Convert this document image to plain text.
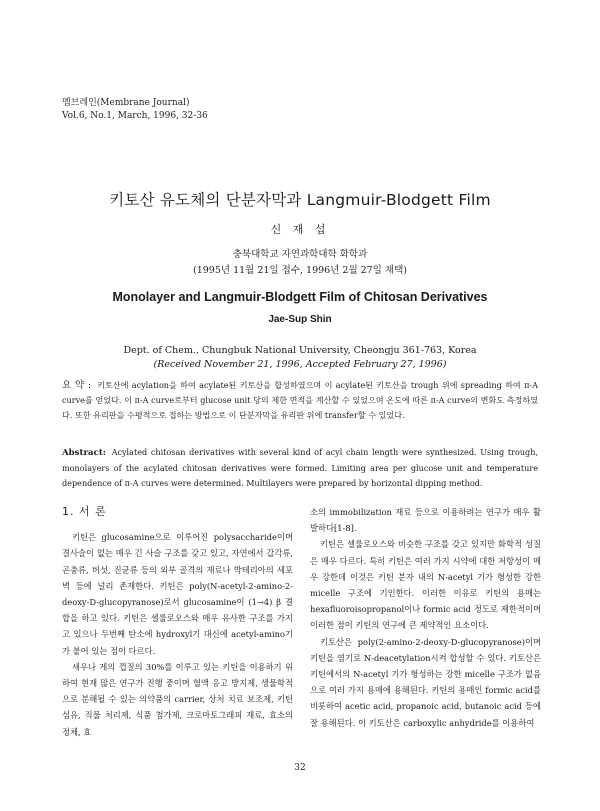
멤브레인(Membrane Journal)
Vol.6, No.1, March, 1996, 32-36
키토산 유도체의 단분자막과 Langmuir-Blodgett Film
신 재 섭
충북대학교 자연과학대학 화학과
(1995년 11월 21일 접수, 1996년 2월 27일 채택)
Monolayer and Langmuir-Blodgett Film of Chitosan Derivatives
Jae-Sup Shin
Dept. of Chem., Chungbuk National University, Cheongju 361-763, Korea
(Received November 21, 1996, Accepted February 27, 1996)
요 약 : 키토산에 acylation을 하여 acylate된 키토산을 합성하였으며 이 acylate된 키토산을 trough 위에 spreading 하여 π-A curve를 얻었다. 이 π-A curve로부터 glucose unit 당의 제한 면적을 계산할 수 있었으며 온도에 따른 π-A curve의 변화도 측정하였다. 또한 유리판을 수평적으로 접하는 방법으로 이 단분자막을 유리판 위에 transfer할 수 있었다.
Abstract: Acylated chitosan derivatives with several kind of acyl chain length were synthesized. Using trough, monolayers of the acylated chitosan derivatives were formed. Limiting area per glucose unit and temperature dependence of π-A curves were determined. Multilayers were prepared by horizontal dipping method.
1. 서 론

키틴은 glucosamine으로 이루어진 polysaccharide이며 결사슬이 없는 매우 긴 사슬 구조를 갖고 있고, 자연에서 갑각류, 곤충류, 버섯, 진균류 등의 외부 골격의 재료나 박테리아의 세포벽 등에 널리 존재한다. 키틴은 poly(N-acetyl-2-amino-2-deoxy-D-glucopyranose)로서 glucosamine이 (1→4) β 결합을 하고 있다. 키틴은 셀룰로오스와 매우 유사한 구조를 가지고 있으나 두번째 탄소에 hydroxyl기 대신에 acetyl-amino기가 붙어 있는 점이 다르다.

새우나 게의 껍질의 30%를 이루고 있는 키틴을 이용하기 위하여 현재 많은 연구가 진행 중이며 혈액 응고 방지제, 생물학적으로 분해될 수 있는 의약품의 carrier, 상처 치료 보조제, 키틴 섬유, 직물 처리제, 식품 첨가제, 크로마토그래피 재료, 효소의 정체, 효

소의 immobilization 재료 등으로 이용하려는 연구가 매우 활발하다[1-8].

키틴은 셀룰로오스와 비슷한 구조를 갖고 있지만 화학적 성질은 매우 다르다. 특히 키틴은 여러 가지 시약에 대한 저항성이 매우 강한데 이것은 키틴 분자 내의 N-acetyl 기가 형성한 강한 micelle 구조에 기인한다. 이러한 이유로 키틴의 용매는 hexafluoroisopropanol이나 formic acid 정도로 제한적이며 이러한 점이 키틴의 연구에 큰 제약적인 요소이다.

키토산은 poly(2-amino-2-deoxy-D-glucopyranose)이며 키틴을 염기로 N-deacetylation시켜 합성할 수 있다. 키토산은 키틴에서의 N-acetyl 기가 형성하는 강한 micelle 구조가 없음으로 여러 가지 용매에 용해된다. 키틴의 용매인 formic acid를 비롯하여 acetic acid, propanoic acid, butanoic acid 등에 잘 용해된다. 이 키토산은 carboxylic anhydride를 이용하여

32
